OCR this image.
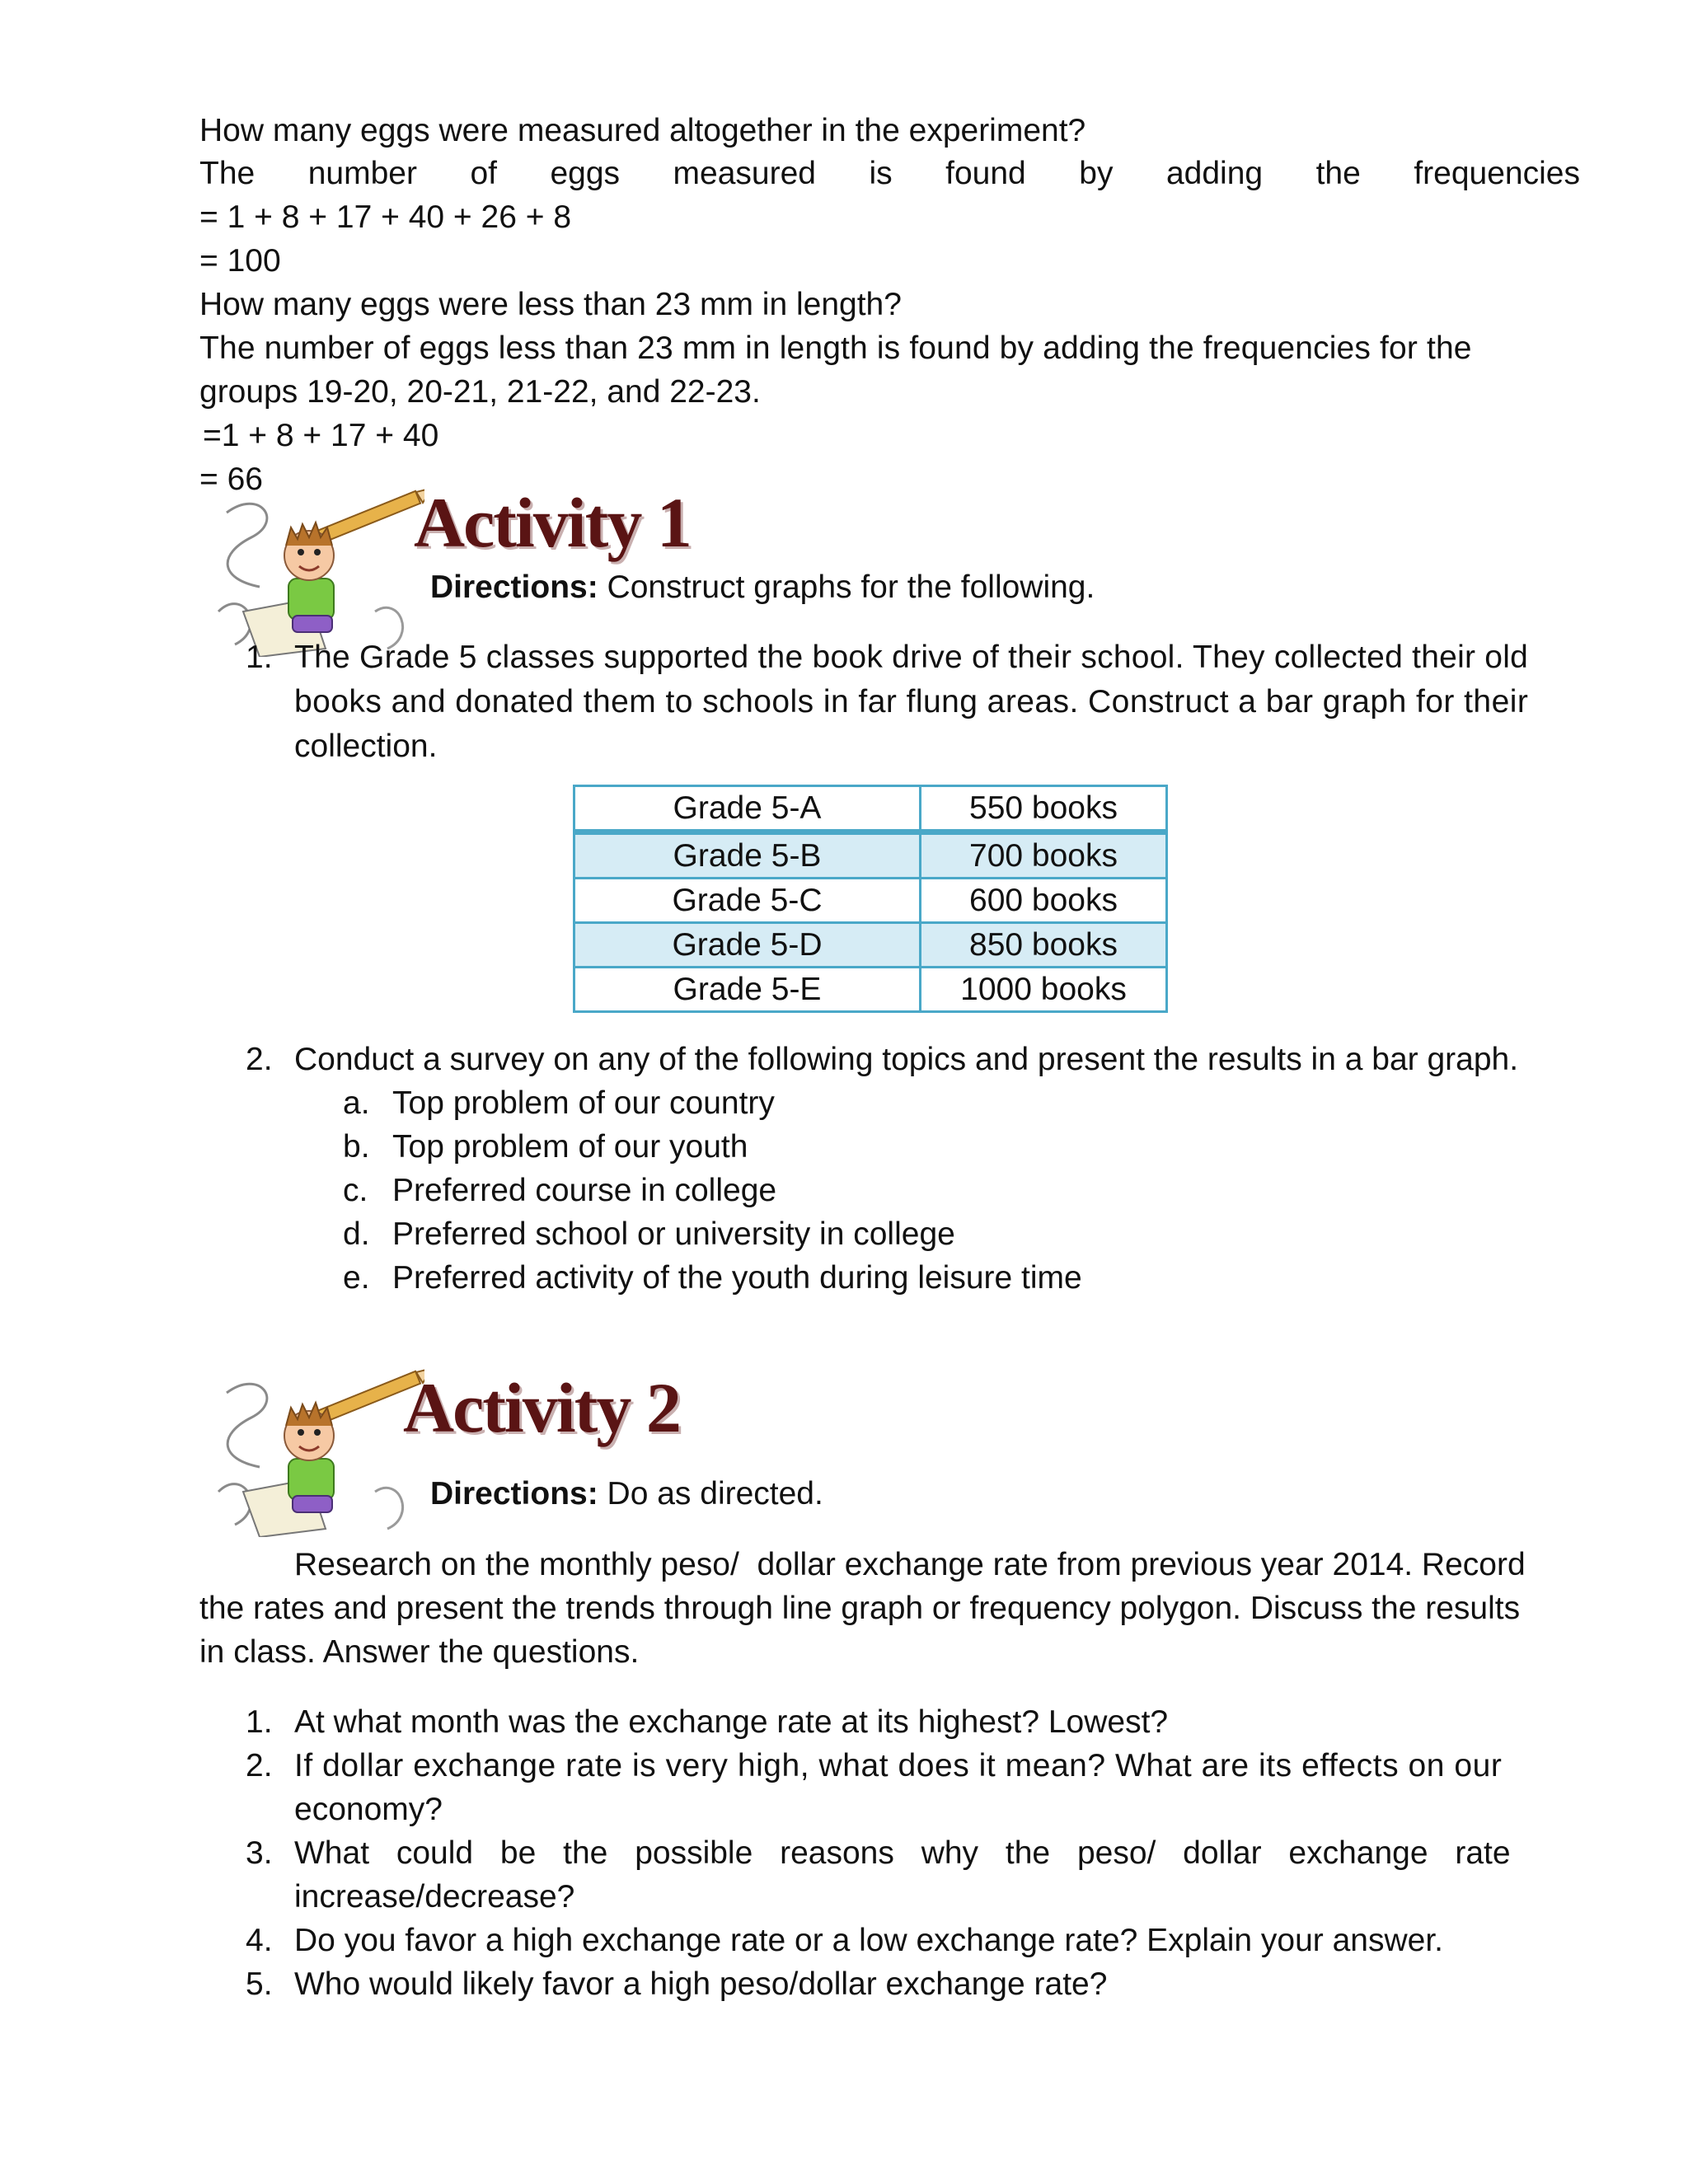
How many eggs were measured altogether in the experiment?
The number of eggs measured is found by adding the frequencies
= 1 + 8 + 17 + 40 + 26 + 8
= 100
How many eggs were less than 23 mm in length?
The number of eggs less than 23 mm in length is found by adding the frequencies for the
groups 19-20, 20-21, 21-22, and 22-23.
=1 + 8 + 17 + 40
= 66
Activity 1
Directions: Construct graphs for the following.
1. The Grade 5 classes supported the book drive of their school. They collected their old
books and donated them to schools in far flung areas. Construct a bar graph for their
collection.
Grade 5-A	550 books
Grade 5-B	700 books
Grade 5-C	600 books
Grade 5-D	850 books
Grade 5-E	1000 books
2. Conduct a survey on any of the following topics and present the results in a bar graph.
a. Top problem of our country
b. Top problem of our youth
c. Preferred course in college
d. Preferred school or university in college
e. Preferred activity of the youth during leisure time
Activity 2
Directions: Do as directed.
Research on the monthly peso/  dollar exchange rate from previous year 2014. Record
the rates and present the trends through line graph or frequency polygon. Discuss the results
in class. Answer the questions.
1. At what month was the exchange rate at its highest? Lowest?
2. If dollar exchange rate is very high, what does it mean? What are its effects on our
economy?
3. What could be the possible reasons why the peso/ dollar exchange rate
increase/decrease?
4. Do you favor a high exchange rate or a low exchange rate? Explain your answer.
5. Who would likely favor a high peso/dollar exchange rate?
